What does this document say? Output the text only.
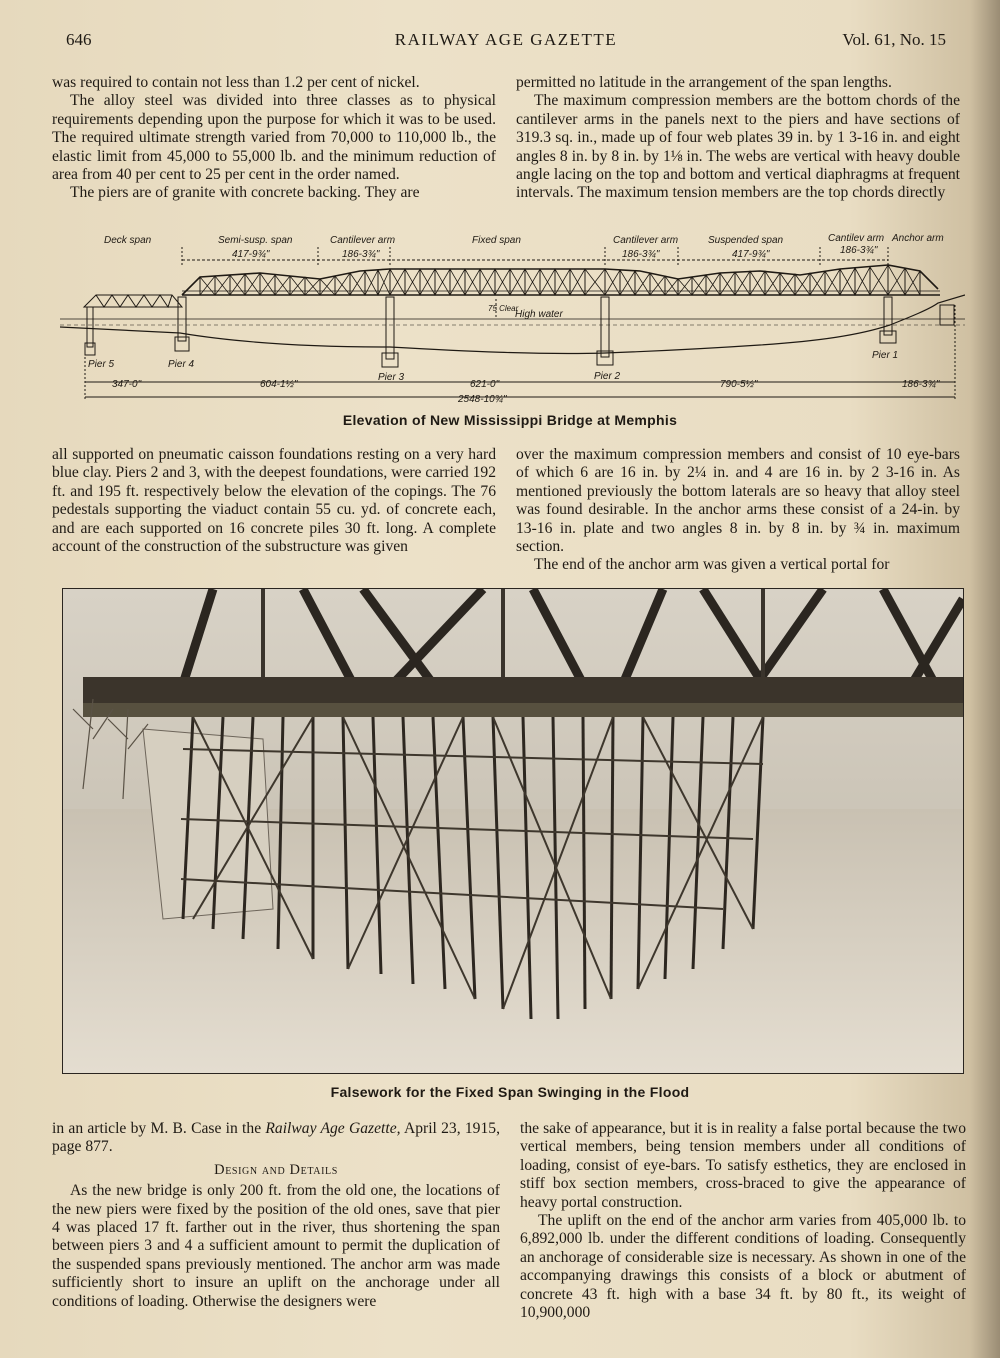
646	RAILWAY AGE GAZETTE	Vol. 61, No. 15

was required to contain not less than 1.2 per cent of nickel.

The alloy steel was divided into three classes as to physical requirements depending upon the purpose for which it was to be used. The required ultimate strength varied from 70,000 to 110,000 lb., the elastic limit from 45,000 to 55,000 lb. and the minimum reduction of area from 40 per cent to 25 per cent in the order named.

The piers are of granite with concrete backing. They are

permitted no latitude in the arrangement of the span lengths.

The maximum compression members are the bottom chords of the cantilever arms in the panels next to the piers and have sections of 319.3 sq. in., made up of four web plates 39 in. by 1 3-16 in. and eight angles 8 in. by 8 in. by 1⅛ in. The webs are vertical with heavy double angle lacing on the top and bottom and vertical diaphragms at frequent intervals. The maximum tension members are the top chords directly

Deck span	Semi-susp. span	Cantilever arm	Fixed span	Cantilever arm	Suspended span	Cantilev arm Anchor arm
417-9¾"	186-3¾"	186-3¾"	417-9¾"	186-3¾"
Pier 5	Pier 4
Pier 3	Pier 2
Pier 1
347-0"	604-1½"	621-0"	790-5½"	186-3¾"
2548-10¾"
High water
75 Clear
Elevation of New Mississippi Bridge at Memphis

all supported on pneumatic caisson foundations resting on a very hard blue clay. Piers 2 and 3, with the deepest foundations, were carried 192 ft. and 195 ft. respectively below the elevation of the copings. The 76 pedestals supporting the viaduct contain 55 cu. yd. of concrete each, and are each supported on 16 concrete piles 30 ft. long. A complete account of the construction of the substructure was given

over the maximum compression members and consist of 10 eye-bars of which 6 are 16 in. by 2¼ in. and 4 are 16 in. by 2 3-16 in. As mentioned previously the bottom laterals are so heavy that alloy steel was found desirable. In the anchor arms these consist of a 24-in. by 13-16 in. plate and two angles 8 in. by 8 in. by ¾ in. maximum section.

The end of the anchor arm was given a vertical portal for

Falsework for the Fixed Span Swinging in the Flood

in an article by M. B. Case in the Railway Age Gazette, April 23, 1915, page 877.

Design and Details

As the new bridge is only 200 ft. from the old one, the locations of the new piers were fixed by the position of the old ones, save that pier 4 was placed 17 ft. farther out in the river, thus shortening the span between piers 3 and 4 a sufficient amount to permit the duplication of the suspended spans previously mentioned. The anchor arm was made sufficiently short to insure an uplift on the anchorage under all conditions of loading. Otherwise the designers were

the sake of appearance, but it is in reality a false portal because the two vertical members, being tension members under all conditions of loading, consist of eye-bars. To satisfy esthetics, they are enclosed in stiff box section members, cross-braced to give the appearance of heavy portal construction.

The uplift on the end of the anchor arm varies from 405,000 lb. to 6,892,000 lb. under the different conditions of loading. Consequently an anchorage of considerable size is necessary. As shown in one of the accompanying drawings this consists of a block or abutment of concrete 43 ft. high with a base 34 ft. by 80 ft., its weight of 10,900,000
